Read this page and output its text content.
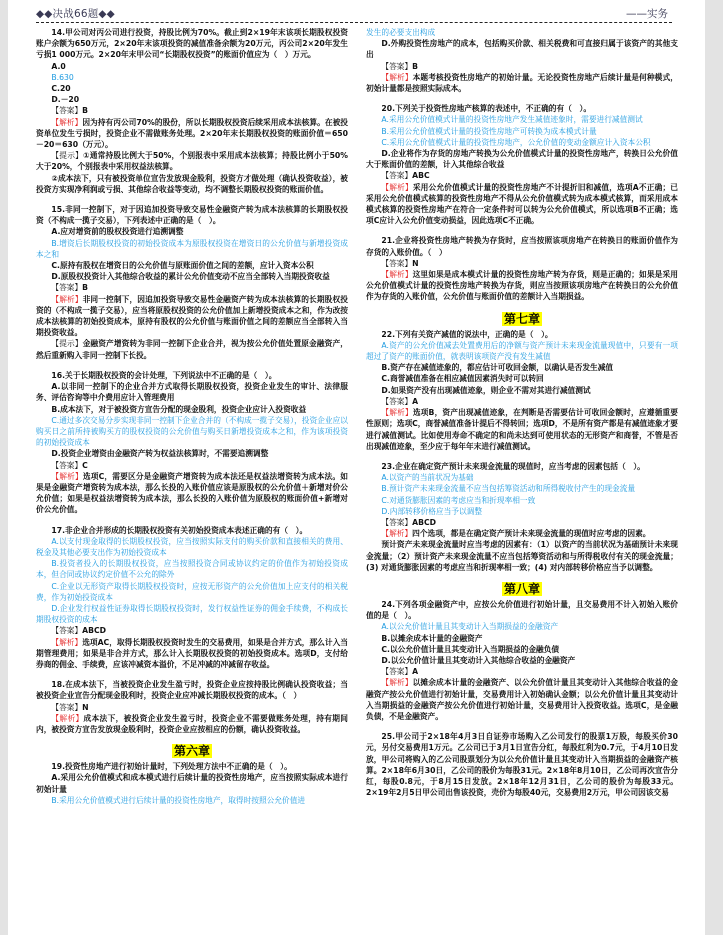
◆◆决战66题◆◆	——实务

14.甲公司对丙公司进行投资，持股比例为70%。截止到2×19年末该项长期股权投资账户余额为650万元，2×20年末该项投资的减值准备余额为20万元，丙公司2×20年发生亏损1 000万元。2×20年末甲公司“长期股权投资”的账面价值应为（　）万元。

A.0

B.630

C.20

D.－20

【答案】B

【解析】因为持有丙公司70%的股份，所以长期股权投资后续采用成本法核算。在被投资单位发生亏损时，投资企业不需做账务处理。2×20年末长期股权投资的账面价值＝650－20＝630（万元）。

【提示】①通常持股比例大于50%，个别报表中采用成本法核算；持股比例小于50%大于20%，个别报表中采用权益法核算。

②成本法下，只有被投资单位宣告发放现金股利，投资方才做处理（确认投资收益），被投资方实现净利润或亏损、其他综合收益等变动，均不调整长期股权投资的账面价值。

15.非同一控制下，对于因追加投资导致交易性金融资产转为成本法核算的长期股权投资（不构成一揽子交易），下列表述中正确的是（　）。

A.应对增资前的股权投资进行追溯调整

B.增资后长期股权投资的初始投资成本为原股权投资在增资日的公允价值与新增投资成本之和

C.原持有股权在增资日的公允价值与原账面价值之间的差额，应计入资本公积

D.原股权投资计入其他综合收益的累计公允价值变动不应当全部转入当期投资收益

【答案】B

【解析】非同一控制下，因追加投资导致交易性金融资产转为成本法核算的长期股权投资的（不构成一揽子交易），应当将原股权投资的公允价值加上新增投资成本之和，作为改按成本法核算的初始投资成本，原持有股权的公允价值与账面价值之间的差额应当全部转入当期投资收益。

【提示】金融资产增资转为非同一控制下企业合并，视为按公允价值处置原金融资产，然后重新购入非同一控制下长投。

16.关于长期股权投资的会计处理，下列说法中不正确的是（　）。

A.以非同一控制下的企业合并方式取得长期股权投资，投资企业发生的审计、法律服务、评估咨询等中介费用应计入管理费用

B.成本法下，对于被投资方宣告分配的现金股利，投资企业应计入投资收益

C.通过多次交易分步实现非同一控制下企业合并的（不构成一揽子交易），投资企业应以购买日之前所持被购买方的股权投资的公允价值与购买日新增投资成本之和，作为该项投资的初始投资成本

D.投资企业增资由金融资产转为权益法核算时，不需要追溯调整

【答案】C

【解析】选项C，需要区分是金融资产增资转为成本法还是权益法增资转为成本法。如果是金融资产增资转为成本法，那么长投的入账价值应该是原股权的公允价值＋新增对价公允价值；如果是权益法增资转为成本法，那么长投的入账价值为原股权的账面价值+新增对价公允价值。

17.非企业合并形成的长期股权投资有关初始投资成本表述正确的有（　）。

A.以支付现金取得的长期股权投资，应当按照实际支付的购买价款和直接相关的费用、税金及其他必要支出作为初始投资成本

B.投资者投入的长期股权投资，应当按照投资合同或协议约定的价值作为初始投资成本，但合同或协议约定价值不公允的除外

C.企业以无形资产取得长期股权投资时，应按无形资产的公允价值加上应支付的相关税费，作为初始投资成本

D.企业发行权益性证券取得长期股权投资时，发行权益性证券的佣金手续费，不构成长期股权投资的成本

【答案】ABCD

【解析】选项AC，取得长期股权投资时发生的交易费用，如果是合并方式，那么计入当期管理费用；如果是非合并方式，那么计入长期股权投资的初始投资成本。选项D，支付给券商的佣金、手续费，应该冲减资本溢价，不足冲减的冲减留存收益。

18.在成本法下，当被投资企业发生盈亏时，投资企业应按持股比例确认投资收益；当被投资企业宣告分配现金股利时，投资企业应冲减长期股权投资的成本。（　）

【答案】N

【解析】成本法下，被投资企业发生盈亏时，投资企业不需要做账务处理，持有期间内，被投资方宣告发放现金股利时，投资企业应按相应的份额，确认投资收益。

第六章

19.投资性房地产进行初始计量时，下列处理方法中不正确的是（　）。

A.采用公允价值模式和成本模式进行后续计量的投资性房地产，应当按照实际成本进行初始计量

B.采用公允价值模式进行后续计量的投资性房地产，取得时按照公允价值进

发生的必要支出构成

D.外购投资性房地产的成本，包括购买价款、相关税费和可直接归属于该资产的其他支出

【答案】B

【解析】本题考核投资性房地产的初始计量。无论投资性房地产后续计量是何种模式，初始计量都是按照实际成本。

20.下列关于投资性房地产核算的表述中，不正确的有（　）。

A.采用公允价值模式计量的投资性房地产发生减值迹象时，需要进行减值测试

B.采用公允价值模式计量的投资性房地产可转换为成本模式计量

C.采用公允价值模式计量的投资性房地产，公允价值的变动金额应计入资本公积

D.企业将作为存货的房地产转换为公允价值模式计量的投资性房地产，转换日公允价值大于账面价值的差额，计入其他综合收益

【答案】ABC

【解析】采用公允价值模式计量的投资性房地产不计提折旧和减值，选项A不正确；已采用公允价值模式核算的投资性房地产不得从公允价值模式转为成本模式核算，而采用成本模式核算的投资性房地产在符合一定条件时可以转为公允价值模式，所以选项B不正确；选项C应计入公允价值变动损益，因此选项C不正确。

21.企业将投资性房地产转换为存货时，应当按照该项房地产在转换日的账面价值作为存货的入账价值。（　）

【答案】N

【解析】这里如果是成本模式计量的投资性房地产转为存货，则是正确的；如果是采用公允价值模式计量的投资性房地产转换为存货，则应当按照该项房地产在转换日的公允价值作为存货的入账价值，公允价值与账面价值的差额计入当期损益。

第七章

22.下列有关资产减值的说法中，正确的是（　）。

A.资产的公允价值减去处置费用后的净额与资产预计未来现金流量现值中，只要有一项超过了资产的账面价值，就表明该项资产没有发生减值

B.资产存在减值迹象的，都应估计可收回金额，以确认是否发生减值

C.商誉减值准备在相应减值因素消失时可以转回

D.如果资产没有出现减值迹象，则企业不需对其进行减值测试

【答案】A

【解析】选项B，资产出现减值迹象，在判断是否需要估计可收回金额时，应遵循重要性原则；选项C，商誉减值准备计提后不得转回；选项D，不是所有资产都是有减值迹象才要进行减值测试。比如使用寿命不确定的和尚未达到可使用状态的无形资产和商誉，不管是否出现减值迹象，至少应于每年年末进行减值测试。

23.企业在确定资产预计未来现金流量的现值时，应当考虑的因素包括（　）。

A.以资产的当前状况为基础

B.预计资产未来现金流量不应当包括筹资活动和所得税收付产生的现金流量

C.对通货膨胀因素的考虑应当和折现率相一致

D.内部转移价格应当予以调整

【答案】ABCD

【解析】四个选项，都是在确定资产预计未来现金流量的现值时应考虑的因素。

预计资产未来现金流量时应当考虑的因素有：（1）以资产的当前状况为基础预计未来现金流量；（2）预计资产未来现金流量不应当包括筹资活动和与所得税收付有关的现金流量；(3) 对通货膨胀因素的考虑应当和折现率相一致；(4) 对内部转移价格应当予以调整。

第八章

24.下列各项金融资产中，应按公允价值进行初始计量，且交易费用不计入初始入账价值的是（　）。

A.以公允价值计量且其变动计入当期损益的金融资产

B.以摊余成本计量的金融资产

C.以公允价值计量且其变动计入当期损益的金融负债

D.以公允价值计量且其变动计入其他综合收益的金融资产

【答案】A

【解析】以摊余成本计量的金融资产、以公允价值计量且其变动计入其他综合收益的金融资产按公允价值进行初始计量，交易费用计入初始确认金额；以公允价值计量且其变动计入当期损益的金融资产按公允价值进行初始计量，交易费用计入投资收益。选项C，是金融负债，不是金融资产。

25.甲公司于2×18年4月3日自证券市场购入乙公司发行的股票1万股，每股买价30元，另付交易费用1万元。乙公司已于3月1日宣告分红，每股红利为0.7元，于4月10日发放，甲公司将购入的乙公司股票划分为以公允价值计量且其变动计入当期损益的金融资产核算。2×18年6月30日，乙公司的股价为每股31元。2×18年8月10日，乙公司再次宣告分红，每股0.8元，于8月15日发放。2×18年12月31日，乙公司的股价为每股33元。2×19年2月5日甲公司出售该投资，売价为每股40元，交易费用2万元，甲公司因该交易
